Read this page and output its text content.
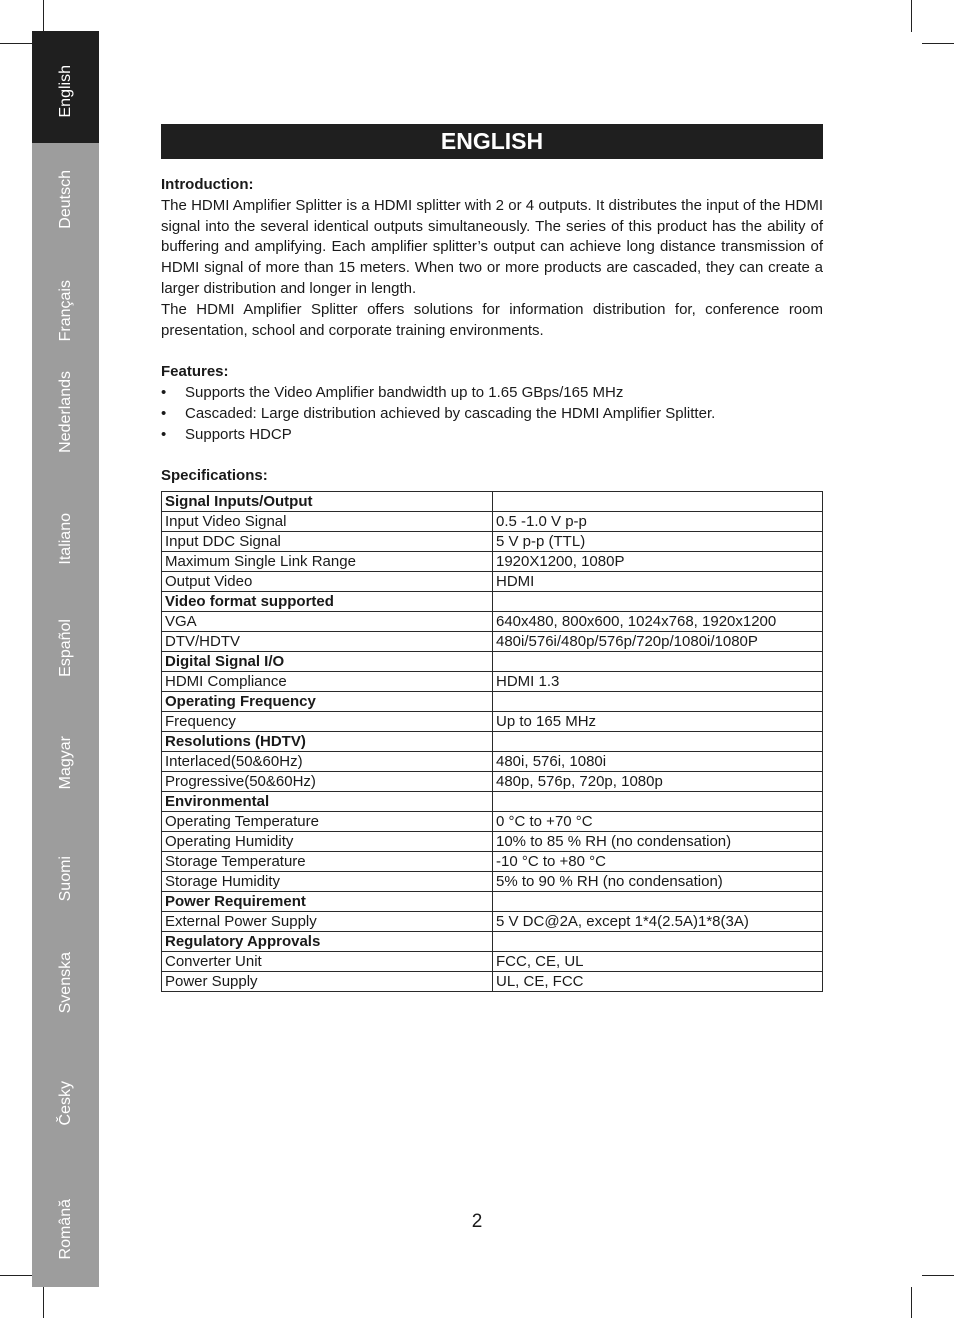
English
Deutsch
Français
Nederlands
Italiano
Español
Magyar
Suomi
Svenska
Česky
Română
ENGLISH
Introduction:

The HDMI Amplifier Splitter is a HDMI splitter with 2 or 4 outputs. It distributes the input of the HDMI signal into the several identical outputs simultaneously. The series of this product has the ability of buffering and amplifying. Each amplifier splitter’s output can achieve long distance transmission of HDMI signal of more than 15 meters. When two or more products are cascaded, they can create a larger distribution and longer in length.

The HDMI Amplifier Splitter offers solutions for information distribution for, conference room presentation, school and corporate training environments.

Features:
• Supports the Video Amplifier bandwidth up to 1.65 GBps/165 MHz
• Cascaded: Large distribution achieved by cascading the HDMI Amplifier Splitter.
• Supports HDCP
Specifications:
Signal Inputs/Output	
Input Video Signal	0.5 -1.0 V p-p
Input DDC Signal	5 V p-p (TTL)
Maximum Single Link Range	1920X1200, 1080P
Output Video	HDMI
Video format supported	
VGA	640x480, 800x600, 1024x768, 1920x1200
DTV/HDTV	480i/576i/480p/576p/720p/1080i/1080P
Digital Signal I/O	
HDMI Compliance	HDMI 1.3
Operating Frequency	
Frequency	Up to 165 MHz
Resolutions (HDTV)	
Interlaced(50&60Hz)	480i, 576i, 1080i
Progressive(50&60Hz)	480p, 576p, 720p, 1080p
Environmental	
Operating Temperature	0 °C to +70 °C
Operating Humidity	10% to 85 % RH (no condensation)
Storage Temperature	-10 °C to +80 °C
Storage Humidity	5% to 90 % RH (no condensation)
Power Requirement	
External Power Supply	5 V DC@2A, except 1*4(2.5A)1*8(3A)
Regulatory Approvals	
Converter Unit	FCC, CE, UL
Power Supply	UL, CE, FCC
2
